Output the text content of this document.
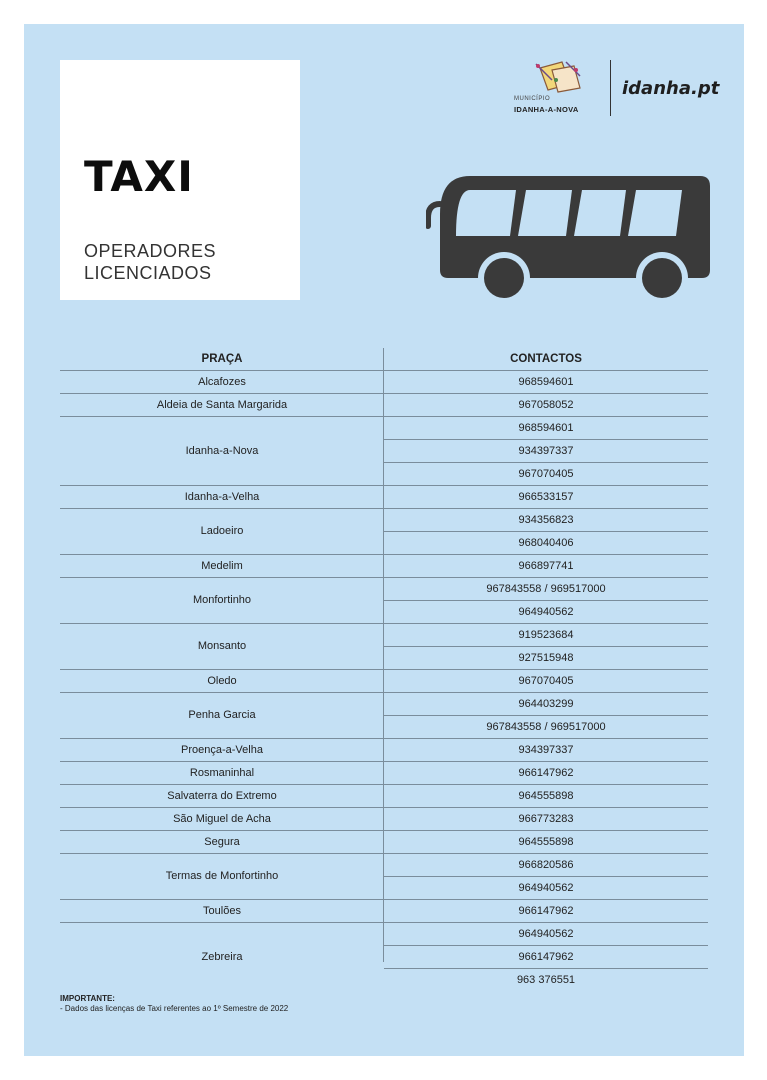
TAXI
OPERADORES
LICENCIADOS
MUNICÍPIO
IDANHA-A-NOVA
idanha.pt
PRAÇA	CONTACTOS
Alcafozes	968594601
Aldeia de Santa Margarida	967058052
Idanha-a-Nova	968594601
	934397337
	967070405
Idanha-a-Velha	966533157
Ladoeiro	934356823
	968040406
Medelim	966897741
Monfortinho	967843558 / 969517000
	964940562
Monsanto	919523684
	927515948
Oledo	967070405
Penha Garcia	964403299
	967843558 / 969517000
Proença-a-Velha	934397337
Rosmaninhal	966147962
Salvaterra do Extremo	964555898
São Miguel de Acha	966773283
Segura	964555898
Termas de Monfortinho	966820586
	964940562
Toulões	966147962
Zebreira	964940562
	966147962
	963 376551
IMPORTANTE:
- Dados das licenças de Taxi referentes ao 1º Semestre de 2022
